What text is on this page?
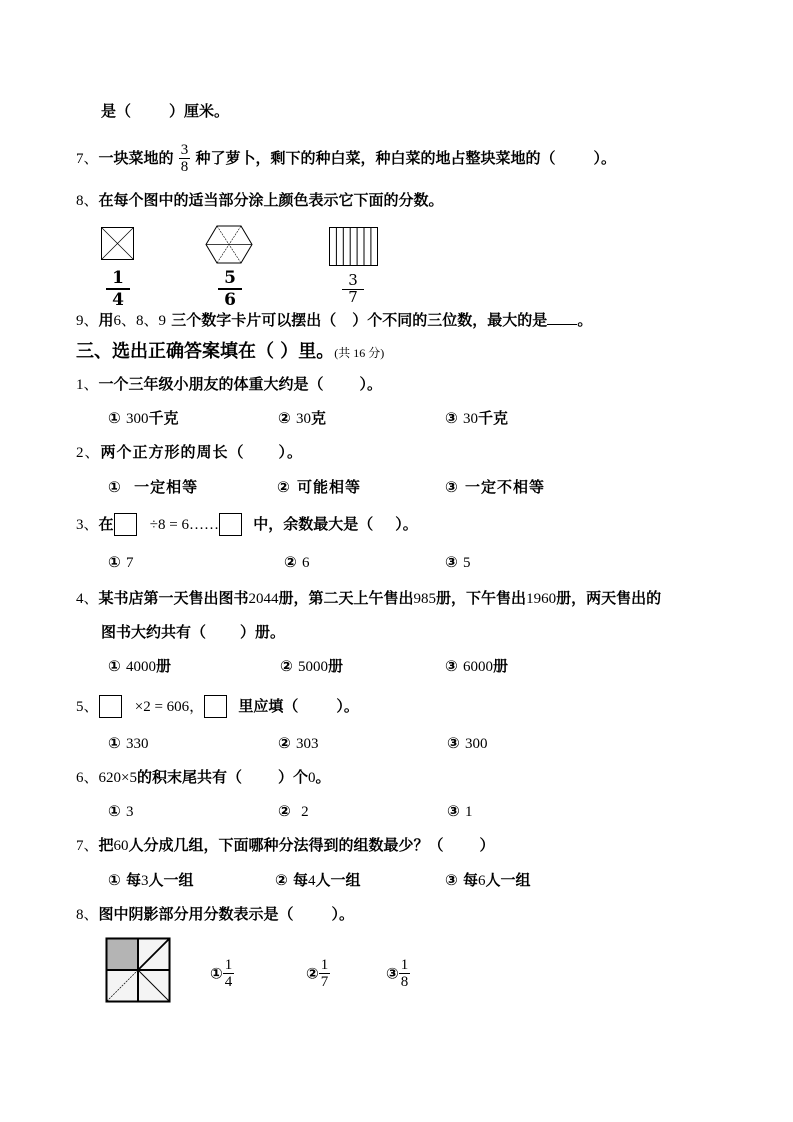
是（	）厘米。
7、一块菜地的 $\frac{3}{8}$ 种了萝卜，剩下的种白菜，种白菜的地占整块菜地的（	）。
8、在每个图中的适当部分涂上颜色表示它下面的分数。
1
4
5
6
3
7
9、用6、8、9 三个数字卡片可以摆出（ ）个不同的三位数，最大的是 。
三、选出正确答案填在（ ）里。(共 16 分)
1、一个三年级小朋友的体重大约是（ ）。
① 300千克	② 30克	③ 30千克
2、两个正方形的周长（ ）。
① 一定相等	② 可能相等	③ 一定不相等
3、在 ÷8 = 6…… 中，余数最大是（ ）。
① 7	② 6	③ 5
4、某书店第一天售出图书2044册，第二天上午售出985册，下午售出1960册，两天售出的
图书大约共有（ ）册。
① 4000册	② 5000册	③ 6000册
5、 ×2 = 606， 里应填（	）。
① 330	② 303	③ 300
6、620×5的积末尾共有（ ）个0。
① 3	② 2	③ 1
7、把60人分成几组，下面哪种分法得到的组数最少？（ ）
① 每3人一组	② 每4人一组	③ 每6人一组
8、图中阴影部分用分数表示是（	）。
① $\frac{1}{4}$	② $\frac{1}{7}$	③ $\frac{1}{8}$
